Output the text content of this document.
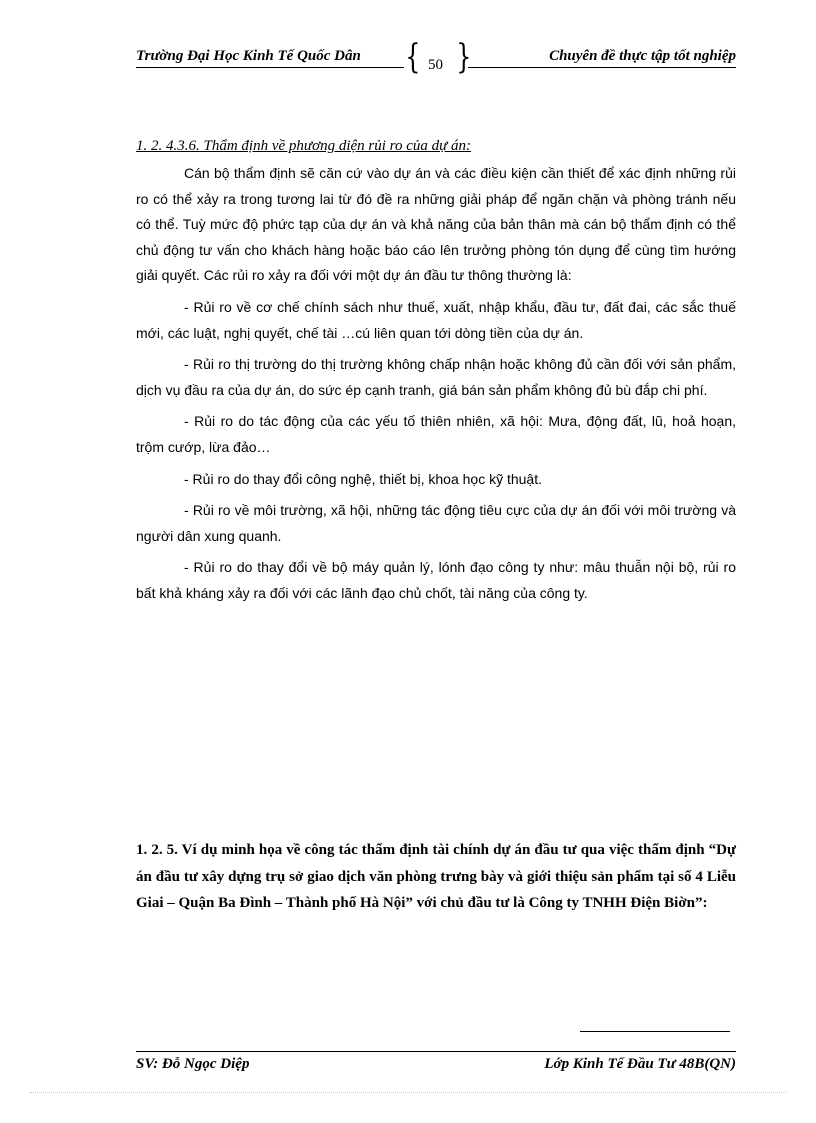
Trường Đại Học Kinh Tế Quốc Dân { 50 }	Chuyên đề thực tập tốt nghiệp
1. 2. 4.3.6. Thẩm định về phương diện rủi ro của dự án:

Cán bộ thẩm định sẽ căn cứ vào dự án và các điều kiện cần thiết để xác định những rủi ro có thể xảy ra trong tương lai từ đó đề ra những giải pháp để ngăn chặn và phòng tránh nếu có thể. Tuỳ mức độ phức tạp của dự án và khả năng của bản thân mà cán bộ thẩm định có thể chủ động tư vấn cho khách hàng hoặc báo cáo lên trưởng phòng tón dụng để cùng tìm hướng giải quyết. Các rủi ro xảy ra đối với một dự án đầu tư thông thường là:

- Rủi ro về cơ chế chính sách như thuế, xuất, nhập khẩu, đầu tư, đất đai, các sắc thuế mới, các luật, nghị quyết, chế tài …cú liên quan tới dòng tiền của dự án.

- Rủi ro thị trường do thị trường không chấp nhận hoặc không đủ cần đối với sản phẩm, dịch vụ đầu ra của dự án, do sức ép cạnh tranh, giá bán sản phẩm không đủ bù đắp chi phí.

- Rủi ro do tác động của các yếu tố thiên nhiên, xã hội: Mưa, động đất, lũ, hoả hoạn, trộm cướp, lừa đảo…

- Rủi ro do thay đổi công nghệ, thiết bị, khoa học kỹ thuật.

- Rủi ro về môi trường, xã hội, những tác động tiêu cực của dự án đối với môi trường và người dân xung quanh.

- Rủi ro do thay đổi về bộ máy quản lý, lónh đạo công ty như: mâu thuẫn nội bộ, rủi ro bất khả kháng xảy ra đối với các lãnh đạo chủ chốt, tài năng của công ty.

1. 2. 5. Ví dụ minh họa về công tác thẩm định tài chính dự án đầu tư qua việc thẩm định “Dự án đầu tư xây dựng trụ sở giao dịch văn phòng trưng bày và giới thiệu sản phẩm tại số 4 Liễu Giai – Quận Ba Đình – Thành phố Hà Nội” với chủ đầu tư là Công ty TNHH Điện Biờn”:

SV: Đỗ Ngọc Diệp	Lớp Kinh Tế Đầu Tư 48B(QN)
